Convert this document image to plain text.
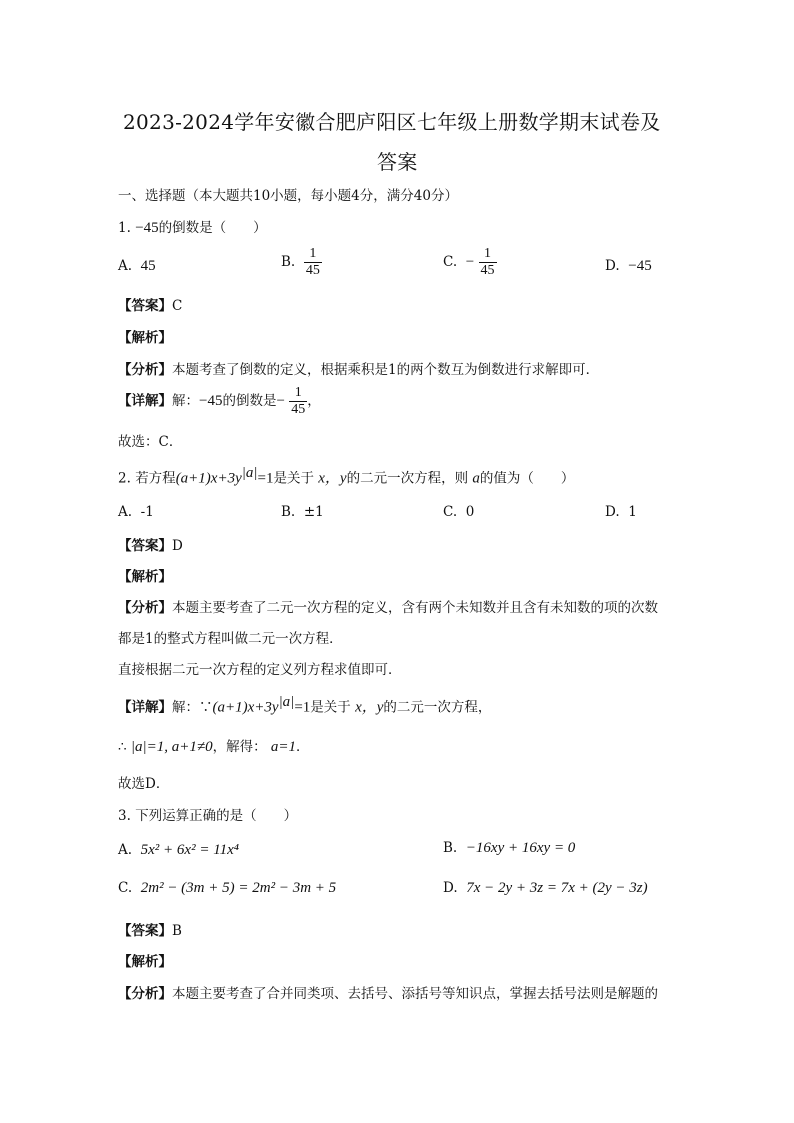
2023-2024学年安徽合肥庐阳区七年级上册数学期末试卷及
答案
一、选择题（本大题共10小题，每小题4分，满分40分）
1. −45的倒数是（　　）
A. 45	B. $\frac{1}{45}$	C. − $\frac{1}{45}$	D. −45
【答案】C
【解析】
【分析】本题考查了倒数的定义，根据乘积是1的两个数互为倒数进行求解即可．
【详解】解：−45的倒数是− $\frac{1}{45}$ ，
故选：C．
2. 若方程$(a+1)x+3y^{|a|}=1$是关于 x，y的二元一次方程，则 a的值为（　　）
A. -1	B. ±1	C. 0	D. 1
【答案】D
【解析】
【分析】本题主要考查了二元一次方程的定义，含有两个未知数并且含有未知数的项的次数
都是1的整式方程叫做二元一次方程．
直接根据二元一次方程的定义列方程求值即可．
【详解】解：$\because(a+1)x+3y^{|a|}=1$是关于 x，y的二元一次方程，
∴ |a|=1, a+1≠0，解得： a=1．
故选D．
3. 下列运算正确的是（　　）
A. 5x² + 6x² = 11x⁴	B. −16xy + 16xy = 0
C. 2m² − (3m + 5) = 2m² − 3m + 5	D. 7x − 2y + 3z = 7x + (2y − 3z)
【答案】B
【解析】
【分析】本题主要考查了合并同类项、去括号、添括号等知识点，掌握去括号法则是解题的
